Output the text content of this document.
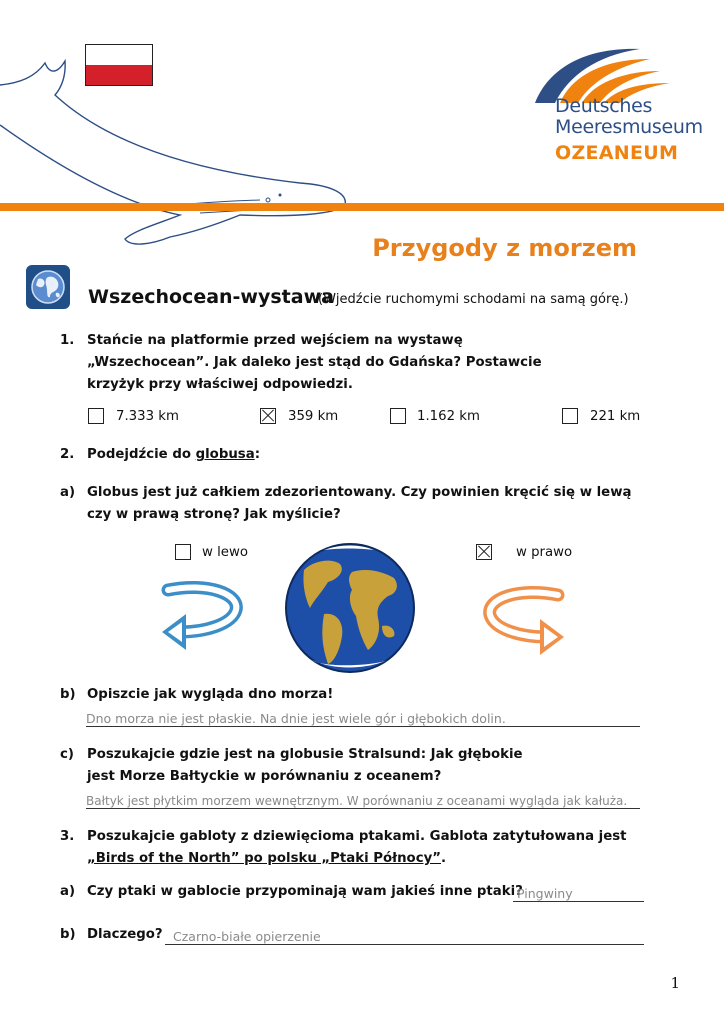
Deutsches
Meeresmuseum
OZEANEUM
Przygody z morzem
Wszechocean-wystawa
(Wjedźcie ruchomymi schodami na samą górę.)
1. Stańcie na platformie przed wejściem na wystawę „Wszechocean”. Jak daleko jest stąd do Gdańska? Postawcie krzyżyk przy właściwej odpowiedzi.
7.333 km	359 km	1.162 km	221 km
2. Podejdźcie do globusa:
a) Globus jest już całkiem zdezorientowany. Czy powinien kręcić się w lewą czy w prawą stronę? Jak myślicie?
w lewo	w prawo
b) Opiszcie jak wygląda dno morza!
Dno morza nie jest płaskie. Na dnie jest wiele gór i głębokich dolin.
c) Poszukajcie gdzie jest na globusie Stralsund: Jak głębokie jest Morze Bałtyckie w porównaniu z oceanem?
Bałtyk jest płytkim morzem wewnętrznym. W porównaniu z oceanami wygląda jak kałuża.
3. Poszukajcie gabloty z dziewięcioma ptakami. Gablota zatytułowana jest
„Birds of the North” po polsku „Ptaki Północy”.
a) Czy ptaki w gablocie przypominają wam jakieś inne ptaki?
Pingwiny
b) Dlaczego? Czarno-białe opierzenie
1
